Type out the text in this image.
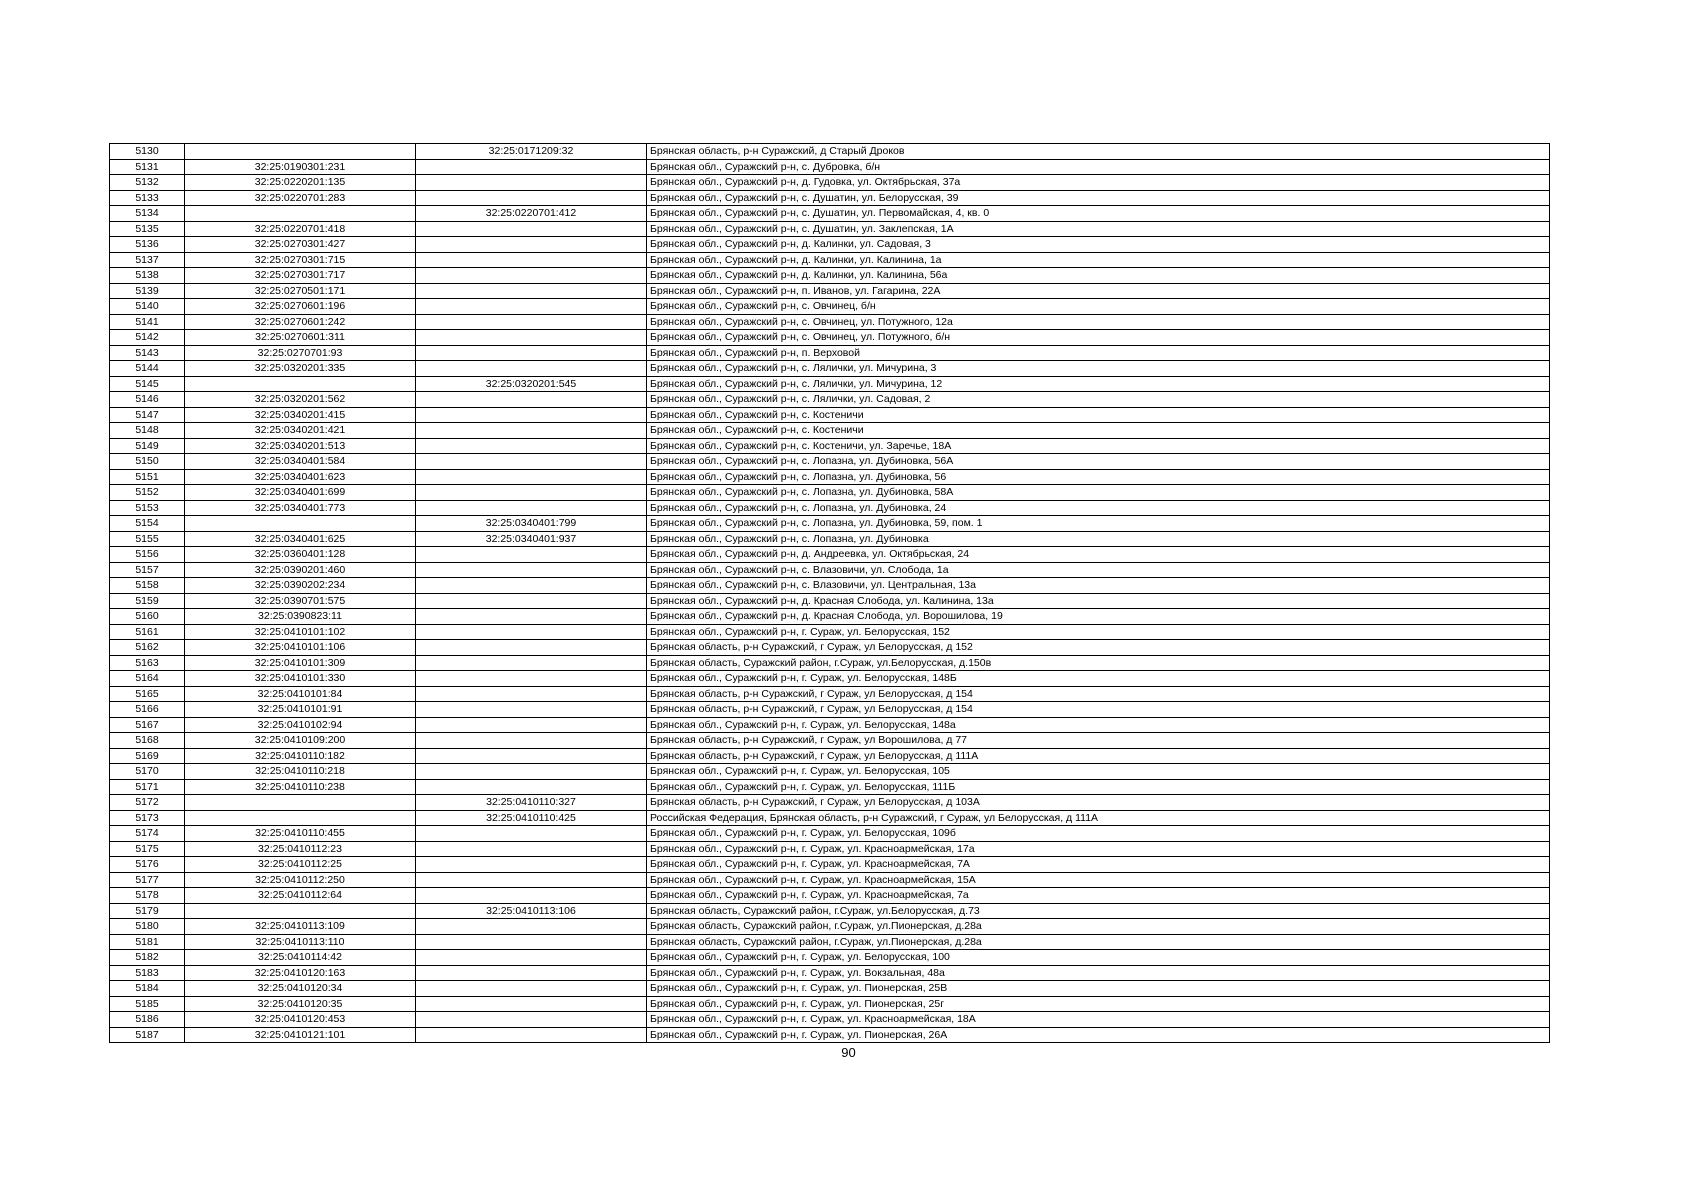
5130		32:25:0171209:32	Брянская область, р-н Суражский, д Старый Дроков
5131	32:25:0190301:231		Брянская обл., Суражский р-н, с. Дубровка, б/н
5132	32:25:0220201:135		Брянская обл., Суражский р-н, д. Гудовка, ул. Октябрьская, 37а
5133	32:25:0220701:283		Брянская обл., Суражский р-н, с. Душатин, ул. Белорусская, 39
5134		32:25:0220701:412	Брянская обл., Суражский р-н, с. Душатин, ул. Первомайская, 4, кв. 0
5135	32:25:0220701:418		Брянская обл., Суражский р-н, с. Душатин, ул. Заклепская, 1А
5136	32:25:0270301:427		Брянская обл., Суражский р-н, д. Калинки, ул. Садовая, 3
5137	32:25:0270301:715		Брянская обл., Суражский р-н, д. Калинки, ул. Калинина, 1а
5138	32:25:0270301:717		Брянская обл., Суражский р-н, д. Калинки, ул. Калинина, 56а
5139	32:25:0270501:171		Брянская обл., Суражский р-н, п. Иванов, ул. Гагарина, 22А
5140	32:25:0270601:196		Брянская обл., Суражский р-н, с. Овчинец, б/н
5141	32:25:0270601:242		Брянская обл., Суражский р-н, с. Овчинец, ул. Потужного, 12а
5142	32:25:0270601:311		Брянская обл., Суражский р-н, с. Овчинец, ул. Потужного, б/н
5143	32:25:0270701:93		Брянская обл., Суражский р-н, п. Верховой
5144	32:25:0320201:335		Брянская обл., Суражский р-н, с. Лялички, ул. Мичурина, 3
5145		32:25:0320201:545	Брянская обл., Суражский р-н, с. Лялички, ул. Мичурина, 12
5146	32:25:0320201:562		Брянская обл., Суражский р-н, с. Лялички, ул. Садовая, 2
5147	32:25:0340201:415		Брянская обл., Суражский р-н, с. Костеничи
5148	32:25:0340201:421		Брянская обл., Суражский р-н, с. Костеничи
5149	32:25:0340201:513		Брянская обл., Суражский р-н, с. Костеничи, ул. Заречье, 18А
5150	32:25:0340401:584		Брянская обл., Суражский р-н, с. Лопазна, ул. Дубиновка, 56А
5151	32:25:0340401:623		Брянская обл., Суражский р-н, с. Лопазна, ул. Дубиновка, 56
5152	32:25:0340401:699		Брянская обл., Суражский р-н, с. Лопазна, ул. Дубиновка, 58А
5153	32:25:0340401:773		Брянская обл., Суражский р-н, с. Лопазна, ул. Дубиновка, 24
5154		32:25:0340401:799	Брянская обл., Суражский р-н, с. Лопазна, ул. Дубиновка, 59, пом. 1
5155	32:25:0340401:625	32:25:0340401:937	Брянская обл., Суражский р-н, с. Лопазна, ул. Дубиновка
5156	32:25:0360401:128		Брянская обл., Суражский р-н, д. Андреевка, ул. Октябрьская, 24
5157	32:25:0390201:460		Брянская обл., Суражский р-н, с. Влазовичи, ул. Слобода, 1а
5158	32:25:0390202:234		Брянская обл., Суражский р-н, с. Влазовичи, ул. Центральная, 13а
5159	32:25:0390701:575		Брянская обл., Суражский р-н, д. Красная Слобода, ул. Калинина, 13а
5160	32:25:0390823:11		Брянская обл., Суражский р-н, д. Красная Слобода, ул. Ворошилова, 19
5161	32:25:0410101:102		Брянская обл., Суражский р-н, г. Сураж, ул. Белорусская, 152
5162	32:25:0410101:106		Брянская область, р-н Суражский, г Сураж, ул Белорусская, д 152
5163	32:25:0410101:309		Брянская область, Суражский район, г.Сураж, ул.Белорусская, д.150в
5164	32:25:0410101:330		Брянская обл., Суражский р-н, г. Сураж, ул. Белорусская, 148Б
5165	32:25:0410101:84		Брянская область, р-н Суражский, г Сураж, ул Белорусская, д 154
5166	32:25:0410101:91		Брянская область, р-н Суражский, г Сураж, ул Белорусская, д 154
5167	32:25:0410102:94		Брянская обл., Суражский р-н, г. Сураж, ул. Белорусская, 148а
5168	32:25:0410109:200		Брянская область, р-н Суражский, г Сураж, ул Ворошилова, д 77
5169	32:25:0410110:182		Брянская область, р-н Суражский, г Сураж, ул Белорусская, д 111А
5170	32:25:0410110:218		Брянская обл., Суражский р-н, г. Сураж, ул. Белорусская, 105
5171	32:25:0410110:238		Брянская обл., Суражский р-н, г. Сураж, ул. Белорусская, 111Б
5172		32:25:0410110:327	Брянская область, р-н Суражский, г Сураж, ул Белорусская, д 103А
5173		32:25:0410110:425	Российская Федерация, Брянская область, р-н Суражский, г Сураж, ул Белорусская, д 111А
5174	32:25:0410110:455		Брянская обл., Суражский р-н, г. Сураж, ул. Белорусская, 109б
5175	32:25:0410112:23		Брянская обл., Суражский р-н, г. Сураж, ул. Красноармейская, 17а
5176	32:25:0410112:25		Брянская обл., Суражский р-н, г. Сураж, ул. Красноармейская, 7А
5177	32:25:0410112:250		Брянская обл., Суражский р-н, г. Сураж, ул. Красноармейская, 15А
5178	32:25:0410112:64		Брянская обл., Суражский р-н, г. Сураж, ул. Красноармейская, 7а
5179		32:25:0410113:106	Брянская область, Суражский район, г.Сураж, ул.Белорусская, д.73
5180	32:25:0410113:109		Брянская область, Суражский район, г.Сураж, ул.Пионерская, д.28а
5181	32:25:0410113:110		Брянская область, Суражский район, г.Сураж, ул.Пионерская, д.28а
5182	32:25:0410114:42		Брянская обл., Суражский р-н, г. Сураж, ул. Белорусская, 100
5183	32:25:0410120:163		Брянская обл., Суражский р-н, г. Сураж, ул. Вокзальная, 48а
5184	32:25:0410120:34		Брянская обл., Суражский р-н, г. Сураж, ул. Пионерская, 25В
5185	32:25:0410120:35		Брянская обл., Суражский р-н, г. Сураж, ул. Пионерская, 25г
5186	32:25:0410120:453		Брянская обл., Суражский р-н, г. Сураж, ул. Красноармейская, 18А
5187	32:25:0410121:101		Брянская обл., Суражский р-н, г. Сураж, ул. Пионерская, 26А
90
